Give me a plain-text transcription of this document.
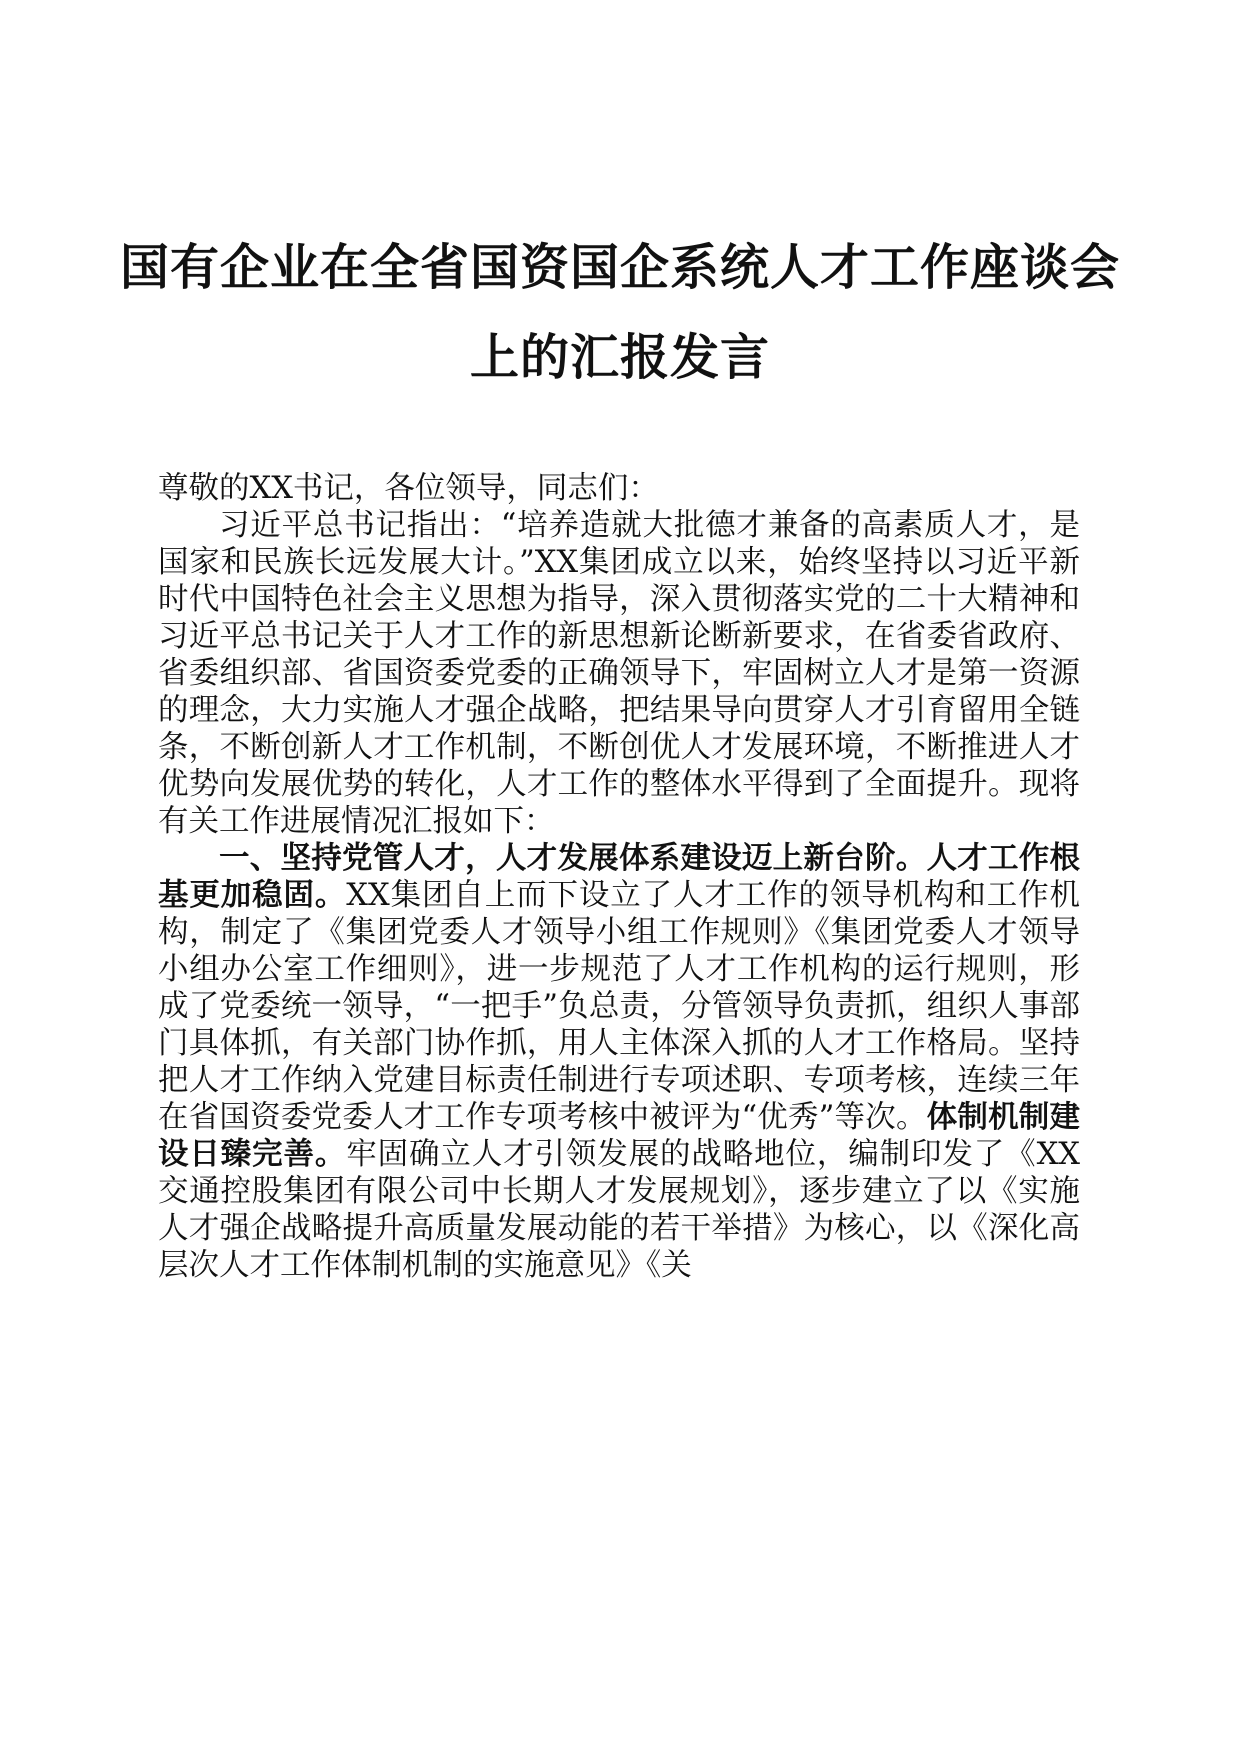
国有企业在全省国资国企系统人才工作座谈会
上的汇报发言

尊敬的XX书记，各位领导，同志们：

习近平总书记指出：“培养造就大批德才兼备的高素质人才，是国家和民族长远发展大计。”XX集团成立以来，始终坚持以习近平新时代中国特色社会主义思想为指导，深入贯彻落实党的二十大精神和习近平总书记关于人才工作的新思想新论断新要求，在省委省政府、省委组织部、省国资委党委的正确领导下，牢固树立人才是第一资源的理念，大力实施人才强企战略，把结果导向贯穿人才引育留用全链条，不断创新人才工作机制，不断创优人才发展环境，不断推进人才优势向发展优势的转化，人才工作的整体水平得到了全面提升。现将有关工作进展情况汇报如下：

一、坚持党管人才，人才发展体系建设迈上新台阶。人才工作根基更加稳固。XX集团自上而下设立了人才工作的领导机构和工作机构，制定了《集团党委人才领导小组工作规则》《集团党委人才领导小组办公室工作细则》，进一步规范了人才工作机构的运行规则，形成了党委统一领导，“一把手”负总责，分管领导负责抓，组织人事部门具体抓，有关部门协作抓，用人主体深入抓的人才工作格局。坚持把人才工作纳入党建目标责任制进行专项述职、专项考核，连续三年在省国资委党委人才工作专项考核中被评为“优秀”等次。体制机制建设日臻完善。牢固确立人才引领发展的战略地位，编制印发了《XX交通控股集团有限公司中长期人才发展规划》，逐步建立了以《实施人才强企战略提升高质量发展动能的若干举措》为核心，以《深化高层次人才工作体制机制的实施意见》《关
